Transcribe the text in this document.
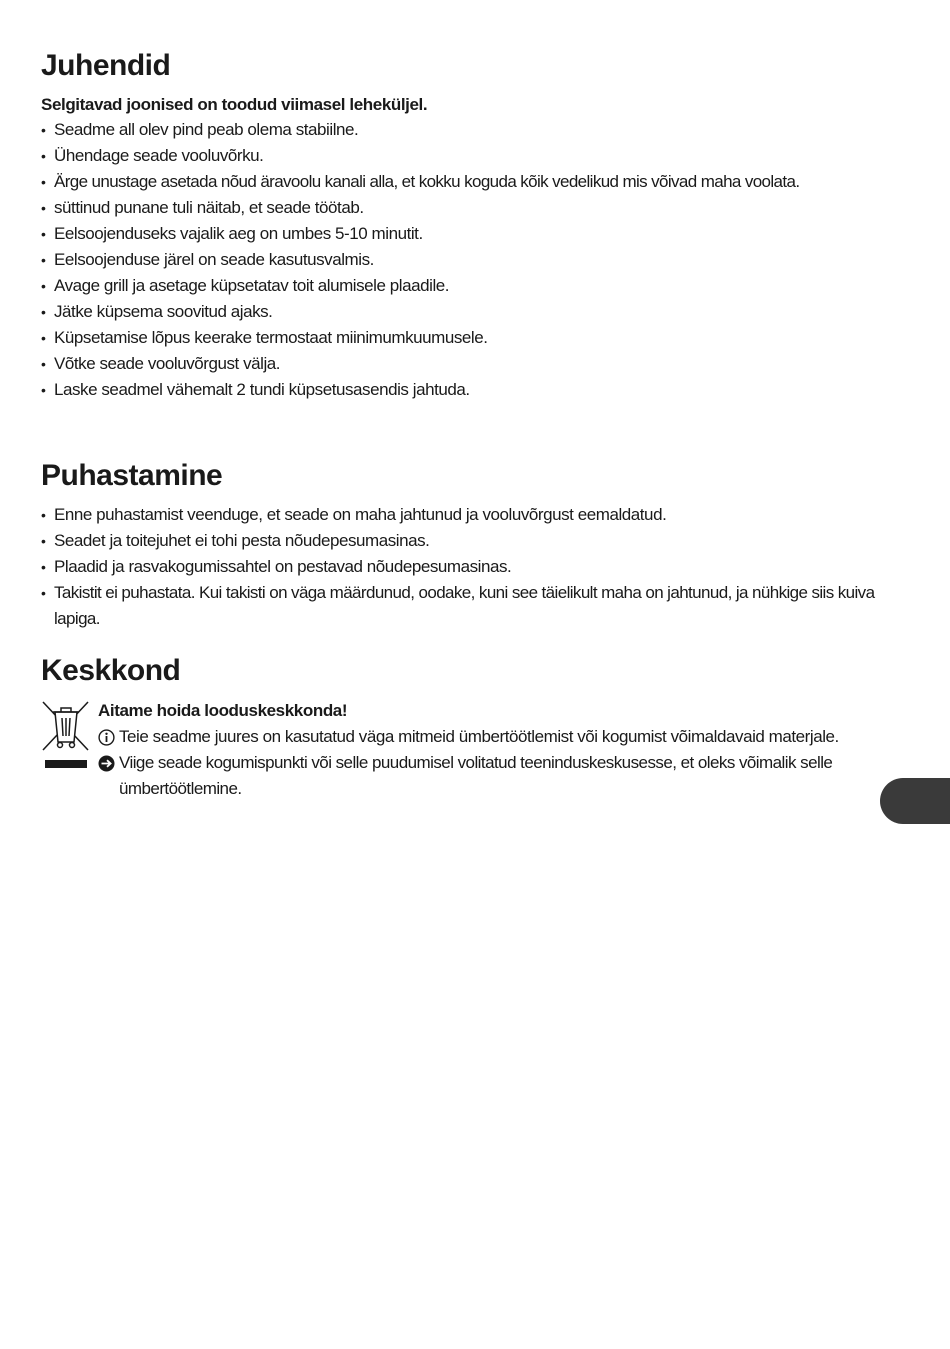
Juhendid
Selgitavad joonised on toodud viimasel leheküljel.
• Seadme all olev pind peab olema stabiilne.
• Ühendage seade vooluvõrku.
• Ärge unustage asetada nõud äravoolu kanali alla, et kokku koguda kõik vedelikud mis võivad maha voolata.
• süttinud punane tuli näitab, et seade töötab.
• Eelsoojenduseks vajalik aeg on umbes 5-10 minutit.
• Eelsoojenduse järel on seade kasutusvalmis.
• Avage grill ja asetage küpsetatav toit alumisele plaadile.
• Jätke küpsema soovitud ajaks.
• Küpsetamise lõpus keerake termostaat miinimumkuumusele.
• Võtke seade vooluvõrgust välja.
• Laske seadmel vähemalt 2 tundi küpsetusasendis jahtuda.
Puhastamine
• Enne puhastamist veenduge, et seade on maha jahtunud ja vooluvõrgust eemaldatud.
• Seadet ja toitejuhet ei tohi pesta nõudepesumasinas.
• Plaadid ja rasvakogumissahtel on pestavad nõudepesumasinas.
• Takistit ei puhastata. Kui takisti on väga määrdunud, oodake, kuni see täielikult maha on jahtunud, ja nühkige siis kuiva lapiga.
Keskkond
Aitame hoida looduskeskkonda!
Teie seadme juures on kasutatud väga mitmeid ümbertöötlemist või kogumist võimaldavaid materjale.
Viige seade kogumispunkti või selle puudumisel volitatud teeninduskeskusesse, et oleks võimalik selle ümbertöötlemine.
